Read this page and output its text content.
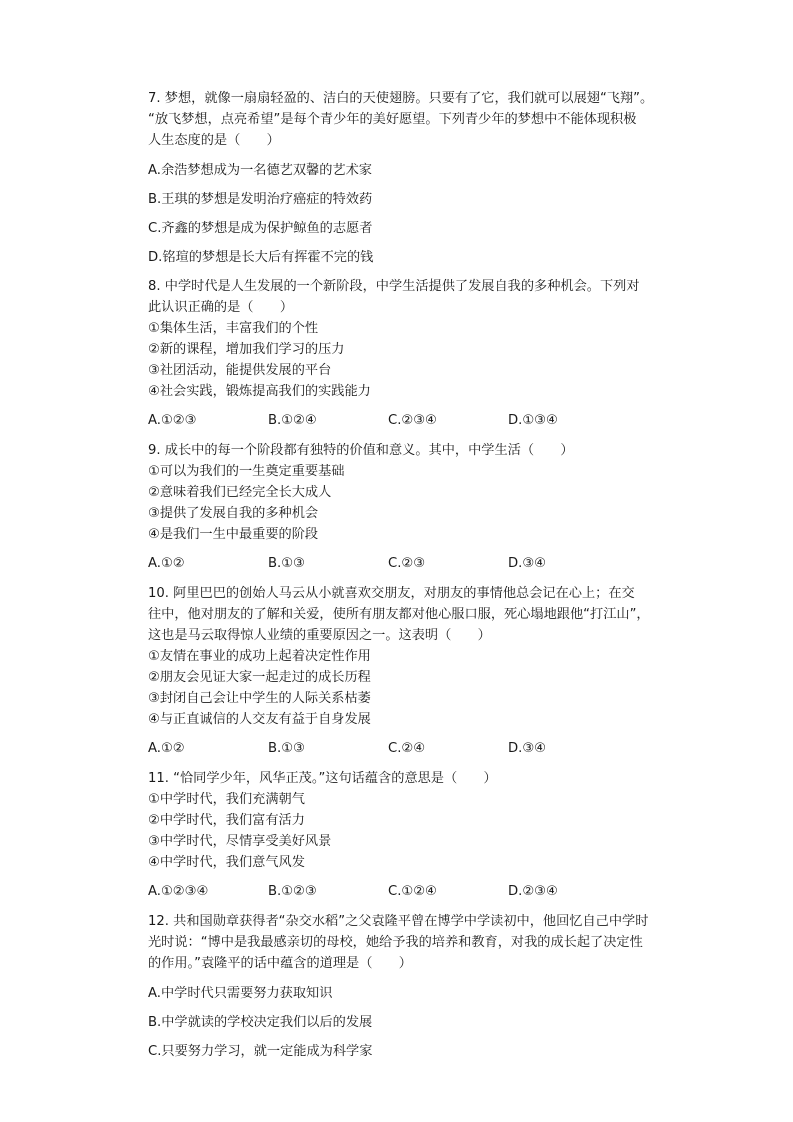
7. 梦想，就像一扇扇轻盈的、洁白的天使翅膀。只要有了它，我们就可以展翅“飞翔”。
“放飞梦想，点亮希望”是每个青少年的美好愿望。下列青少年的梦想中不能体现积极
人生态度的是（　　）
A.余浩梦想成为一名德艺双馨的艺术家
B.王琪的梦想是发明治疗癌症的特效药
C.齐鑫的梦想是成为保护鲸鱼的志愿者
D.铭瑄的梦想是长大后有挥霍不完的钱
8. 中学时代是人生发展的一个新阶段，中学生活提供了发展自我的多种机会。下列对
此认识正确的是（　　）
①集体生活，丰富我们的个性
②新的课程，增加我们学习的压力
③社团活动，能提供发展的平台
④社会实践，锻炼提高我们的实践能力
A.①②③	B.①②④	C.②③④	D.①③④
9. 成长中的每一个阶段都有独特的价值和意义。其中，中学生活（　　）
①可以为我们的一生奠定重要基础
②意味着我们已经完全长大成人
③提供了发展自我的多种机会
④是我们一生中最重要的阶段
A.①②	B.①③	C.②③	D.③④
10. 阿里巴巴的创始人马云从小就喜欢交朋友，对朋友的事情他总会记在心上；在交
往中，他对朋友的了解和关爱，使所有朋友都对他心服口服，死心塌地跟他“打江山”，
这也是马云取得惊人业绩的重要原因之一。这表明（　　）
①友情在事业的成功上起着决定性作用
②朋友会见证大家一起走过的成长历程
③封闭自己会让中学生的人际关系枯萎
④与正直诚信的人交友有益于自身发展
A.①②	B.①③	C.②④	D.③④
11. “恰同学少年，风华正茂。”这句话蕴含的意思是（　　）
①中学时代，我们充满朝气
②中学时代，我们富有活力
③中学时代，尽情享受美好风景
④中学时代，我们意气风发
A.①②③④	B.①②③	C.①②④	D.②③④
12. 共和国勋章获得者“杂交水稻”之父袁隆平曾在博学中学读初中，他回忆自己中学时
光时说：“博中是我最感亲切的母校，她给予我的培养和教育，对我的成长起了决定性
的作用。”袁隆平的话中蕴含的道理是（　　）
A.中学时代只需要努力获取知识
B.中学就读的学校决定我们以后的发展
C.只要努力学习，就一定能成为科学家
